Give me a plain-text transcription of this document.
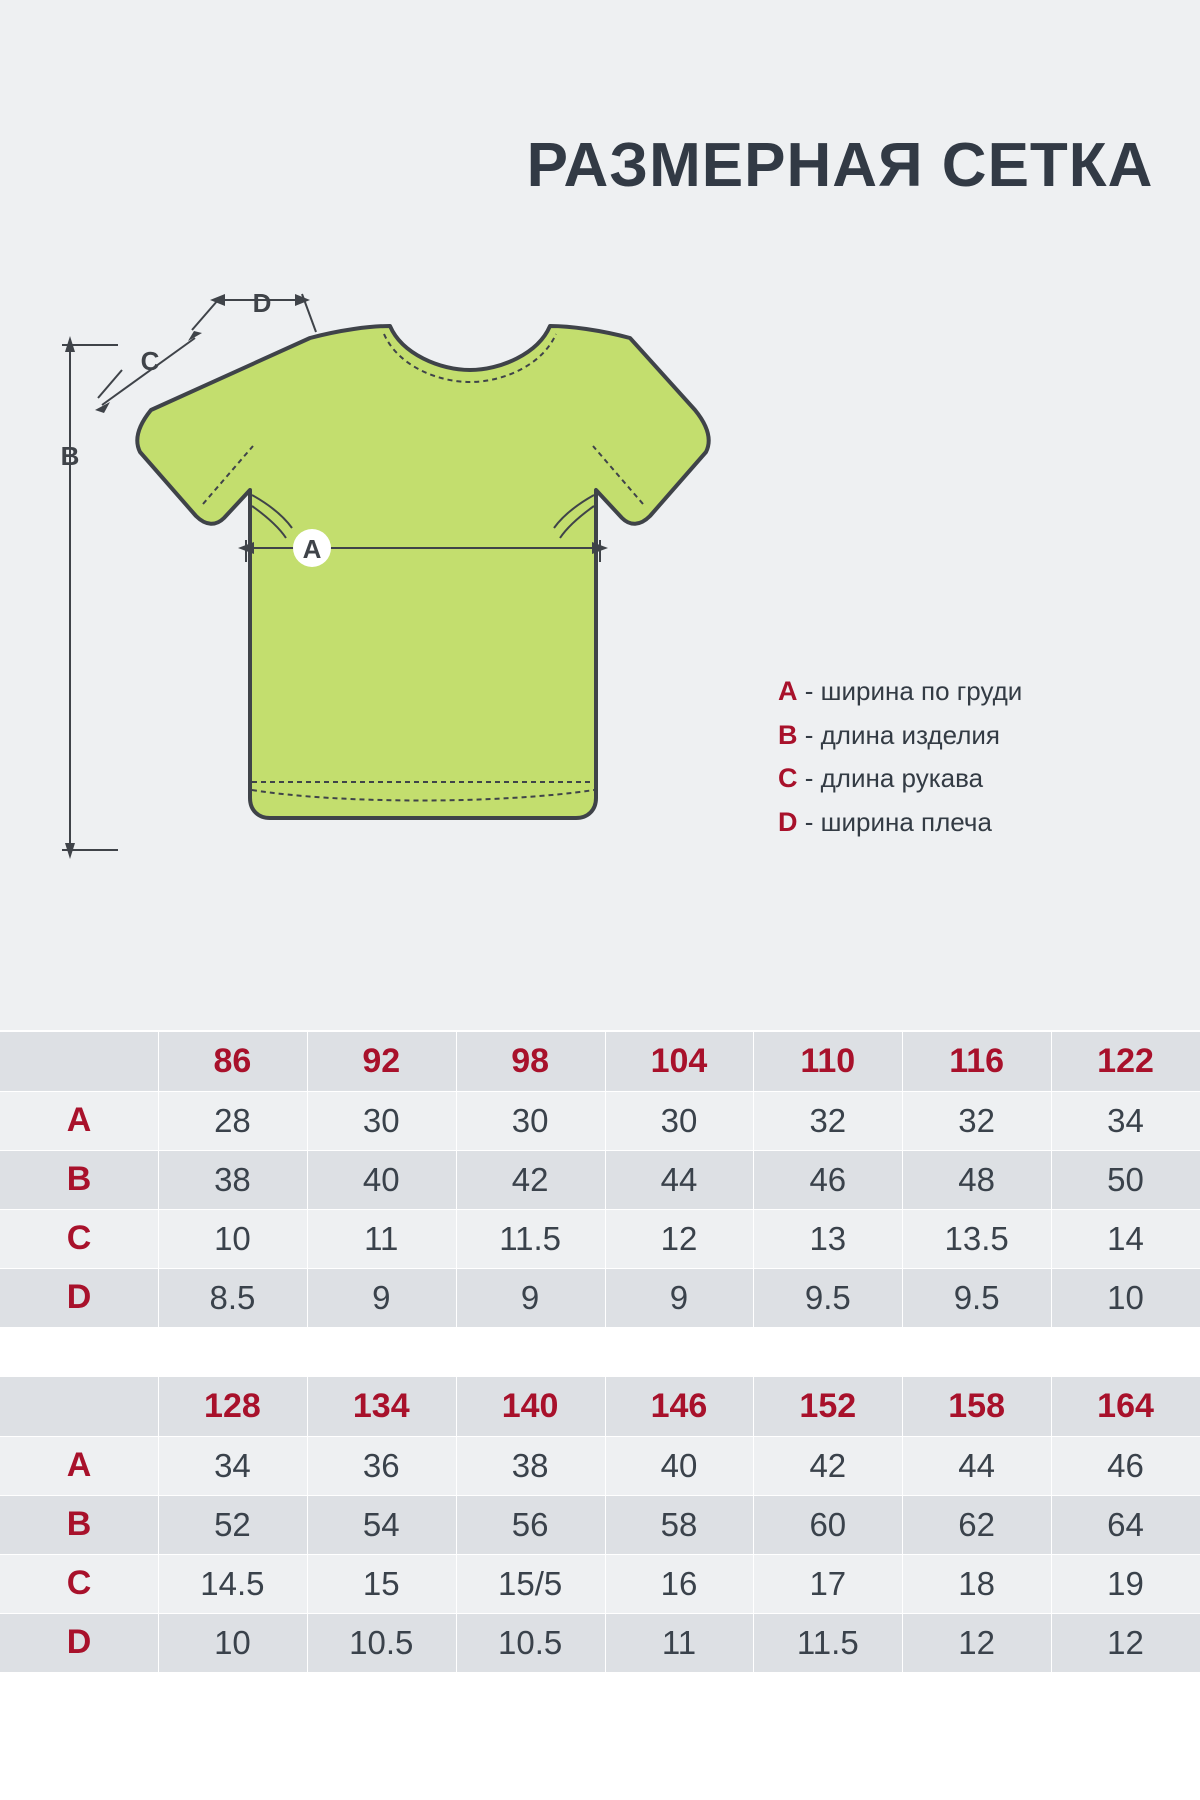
РАЗМЕРНАЯ СЕТКА
A
B
C
D
A - ширина по груди
B - длина изделия
C - длина рукава
D - ширина плеча
	86	92	98	104	110	116	122
A	28	30	30	30	32	32	34
B	38	40	42	44	46	48	50
C	10	11	11.5	12	13	13.5	14
D	8.5	9	9	9	9.5	9.5	10
	128	134	140	146	152	158	164
A	34	36	38	40	42	44	46
B	52	54	56	58	60	62	64
C	14.5	15	15/5	16	17	18	19
D	10	10.5	10.5	11	11.5	12	12
